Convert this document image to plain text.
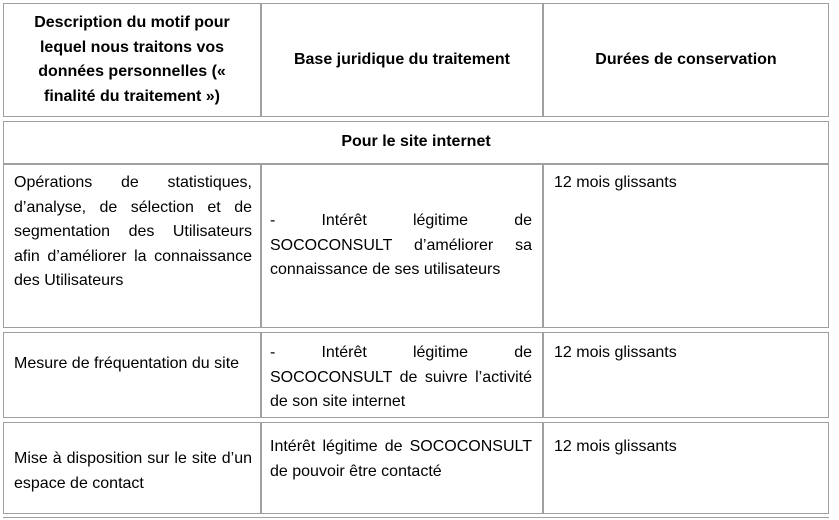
Description du motif pour lequel nous traitons vos données personnelles (« finalité du traitement »)
Base juridique du traitement	Durées de conservation
Pour le site internet
Opérations de statistiques, d’analyse, de sélection et de segmentation des Utilisateurs afin d’améliorer la connaissance des Utilisateurs
- Intérêt légitime de SOCOCONSULT d’améliorer sa connaissance de ses utilisateurs
12 mois glissants
Mesure de fréquentation du site
- Intérêt légitime de SOCOCONSULT de suivre l’activité de son site internet
12 mois glissants
Mise à disposition sur le site d’un espace de contact
Intérêt légitime de SOCOCONSULT de pouvoir être contacté
12 mois glissants
